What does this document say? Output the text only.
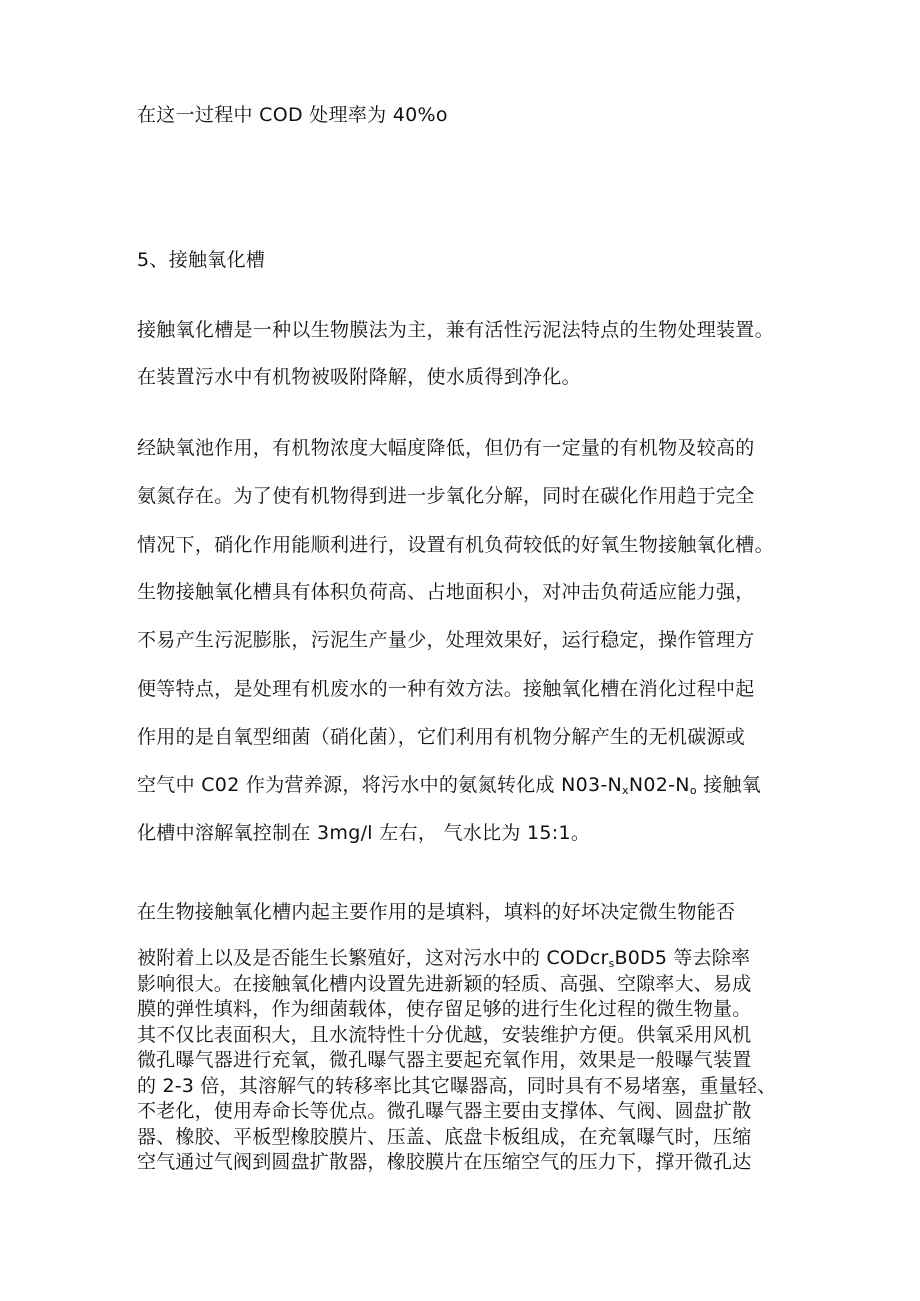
在这一过程中 COD 处理率为 40%o
5、接触氧化槽
接触氧化槽是一种以生物膜法为主，兼有活性污泥法特点的生物处理装置。
在装置污水中有机物被吸附降解，使水质得到净化。
经缺氧池作用，有机物浓度大幅度降低，但仍有一定量的有机物及较高的
氨氮存在。为了使有机物得到进一步氧化分解，同时在碳化作用趋于完全
情况下，硝化作用能顺利进行，设置有机负荷较低的好氧生物接触氧化槽。
生物接触氧化槽具有体积负荷高、占地面积小，对冲击负荷适应能力强，
不易产生污泥膨胀，污泥生产量少，处理效果好，运行稳定，操作管理方
便等特点，是处理有机废水的一种有效方法。接触氧化槽在消化过程中起
作用的是自氧型细菌（硝化菌），它们利用有机物分解产生的无机碳源或
空气中 C02 作为营养源，将污水中的氨氮转化成 $N03-N_xN02-N_o$ 接触氧
化槽中溶解氧控制在 3mg/l 左右， 气水比为 15:1。
在生物接触氧化槽内起主要作用的是填料，填料的好坏决定微生物能否
被附着上以及是否能生长繁殖好，这对污水中的 CODcr$_s$B0D5 等去除率
影响很大。在接触氧化槽内设置先进新颖的轻质、高强、空隙率大、易成
膜的弹性填料，作为细菌载体，使存留足够的进行生化过程的微生物量。
其不仅比表面积大，且水流特性十分优越，安装维护方便。供氧采用风机
微孔曝气器进行充氧，微孔曝气器主要起充氧作用，效果是一般曝气装置
的 2-3 倍，其溶解气的转移率比其它曝器高，同时具有不易堵塞，重量轻、
不老化，使用寿命长等优点。微孔曝气器主要由支撑体、气阀、圆盘扩散
器、橡胶、平板型橡胶膜片、压盖、底盘卡板组成，在充氧曝气时，压缩
空气通过气阀到圆盘扩散器，橡胶膜片在压缩空气的压力下，撑开微孔达
